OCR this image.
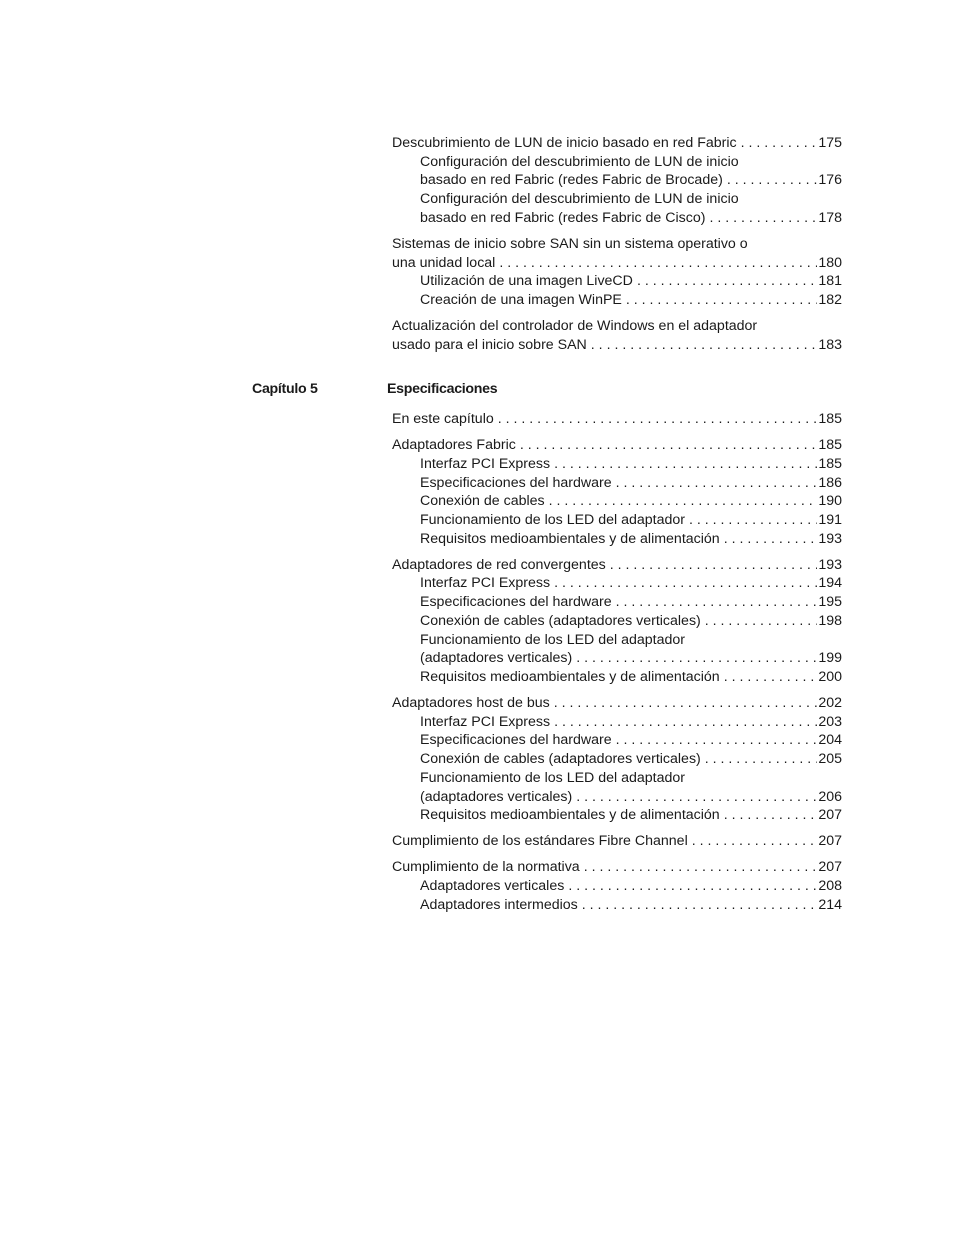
Descubrimiento de LUN de inicio basado en red Fabric . . .	175
Configuración del descubrimiento de LUN de inicio
basado en red Fabric (redes Fabric de Brocade) . . .	176
Configuración del descubrimiento de LUN de inicio
basado en red Fabric (redes Fabric de Cisco) . . .	178
Sistemas de inicio sobre SAN sin un sistema operativo o
una unidad local . . .	180
Utilización de una imagen LiveCD . . .	181
Creación de una imagen WinPE . . .	182
Actualización del controlador de Windows en el adaptador
usado para el inicio sobre SAN . . .	183
Capítulo 5	Especificaciones
En este capítulo . . .	185
Adaptadores Fabric . . .	185
Interfaz PCI Express . . .	185
Especificaciones del hardware . . .	186
Conexión de cables . . .	190
Funcionamiento de los LED del adaptador . . .	191
Requisitos medioambientales y de alimentación . . .	193
Adaptadores de red convergentes . . .	193
Interfaz PCI Express . . .	194
Especificaciones del hardware . . .	195
Conexión de cables (adaptadores verticales) . . .	198
Funcionamiento de los LED del adaptador
(adaptadores verticales) . . .	199
Requisitos medioambientales y de alimentación . . .	200
Adaptadores host de bus . . .	202
Interfaz PCI Express . . .	203
Especificaciones del hardware . . .	204
Conexión de cables (adaptadores verticales) . . .	205
Funcionamiento de los LED del adaptador
(adaptadores verticales) . . .	206
Requisitos medioambientales y de alimentación . . .	207
Cumplimiento de los estándares Fibre Channel . . .	207
Cumplimiento de la normativa . . .	207
Adaptadores verticales . . .	208
Adaptadores intermedios . . .	214
